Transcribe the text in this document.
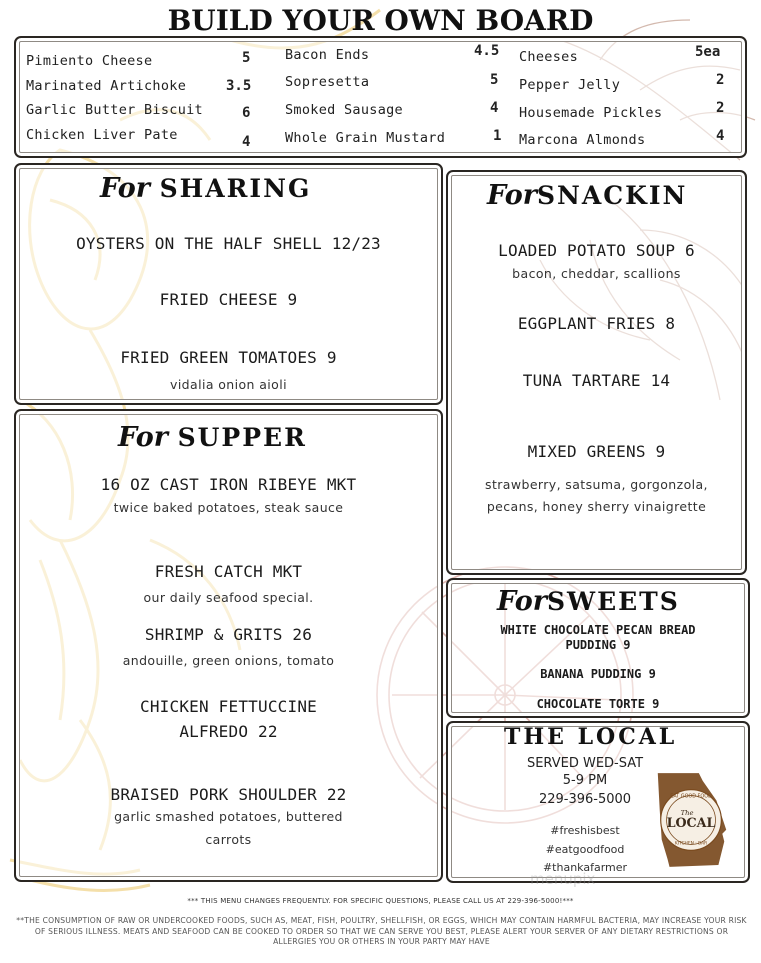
BUILD YOUR OWN BOARD
Pimiento Cheese	5
Marinated Artichoke	3.5
Garlic Butter Biscuit	6
Chicken Liver Pate	4
Bacon Ends	4.5
Sopresetta	5
Smoked Sausage	4
Whole Grain Mustard	1
Cheeses	5ea
Pepper Jelly	2
Housemade Pickles	2
Marcona Almonds	4
For SHARING
OYSTERS ON THE HALF SHELL 12/23
FRIED CHEESE 9
FRIED GREEN TOMATOES 9
vidalia onion aioli
ForSNACKIN
LOADED POTATO SOUP 6
bacon, cheddar, scallions
EGGPLANT FRIES 8
TUNA TARTARE 14
MIXED GREENS 9
strawberry, satsuma, gorgonzola,
pecans, honey sherry vinaigrette
For SUPPER
16 OZ CAST IRON RIBEYE MKT
twice baked potatoes, steak sauce
FRESH CATCH MKT
our daily seafood special.
SHRIMP & GRITS 26
andouille, green onions, tomato
CHICKEN FETTUCCINE
ALFREDO 22
BRAISED PORK SHOULDER 22
garlic smashed potatoes, buttered
carrots
ForSWEETS
WHITE CHOCOLATE PECAN BREAD
PUDDING 9
BANANA PUDDING 9
CHOCOLATE TORTE 9
THE LOCAL
SERVED WED-SAT
5-9 PM
229-396-5000
#freshisbest
#eatgoodfood
#thankafarmer
EAT GOOD FOOD
The
LOCAL
KITCHEN · BAR
menupix
*** THIS MENU CHANGES FREQUENTLY. FOR SPECIFIC QUESTIONS, PLEASE CALL US AT 229-396-5000!***
**THE CONSUMPTION OF RAW OR UNDERCOOKED FOODS, SUCH AS, MEAT, FISH, POULTRY, SHELLFISH, OR EGGS, WHICH MAY CONTAIN HARMFUL BACTERIA, MAY INCREASE YOUR RISK OF SERIOUS ILLNESS. MEATS AND SEAFOOD CAN BE COOKED TO ORDER SO THAT WE CAN SERVE YOU BEST, PLEASE ALERT YOUR SERVER OF ANY DIETARY RESTRICTIONS OR ALLERGIES YOU OR OTHERS IN YOUR PARTY MAY HAVE
